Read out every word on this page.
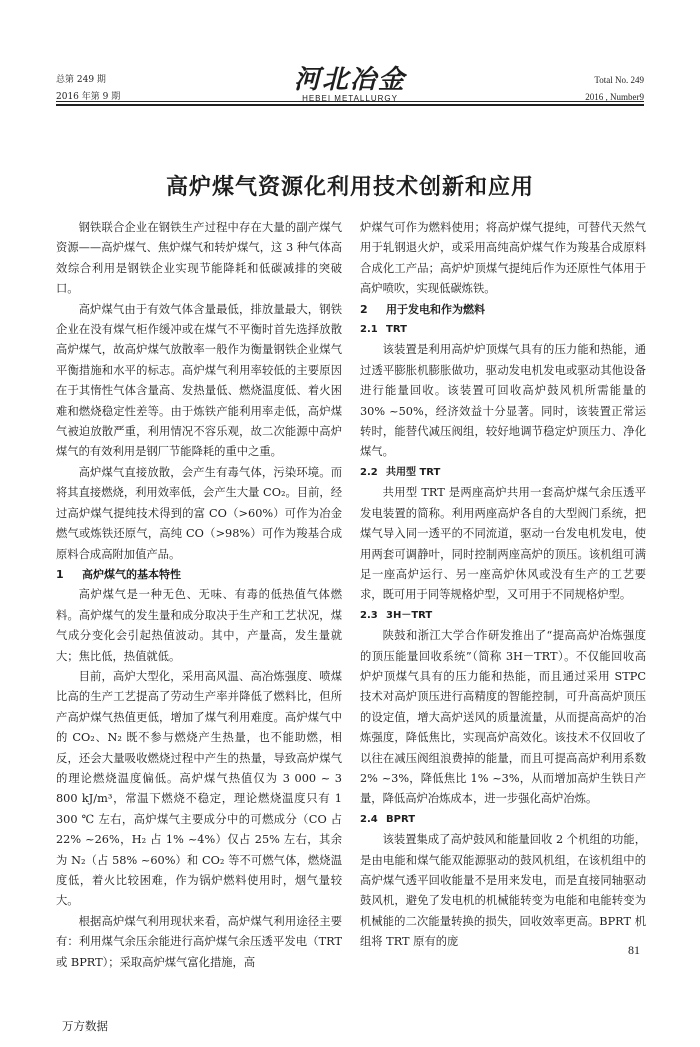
总第 249 期
2016 年第 9 期
河北冶金
HEBEI METALLURGY
Total No. 249
2016 , Number9
高炉煤气资源化利用技术创新和应用

钢铁联合企业在钢铁生产过程中存在大量的副产煤气资源——高炉煤气、焦炉煤气和转炉煤气，这 3 种气体高效综合利用是钢铁企业实现节能降耗和低碳减排的突破口。

高炉煤气由于有效气体含量最低，排放量最大，钢铁企业在没有煤气柜作缓冲或在煤气不平衡时首先选择放散高炉煤气，故高炉煤气放散率一般作为衡量钢铁企业煤气平衡措施和水平的标志。高炉煤气利用率较低的主要原因在于其惰性气体含量高、发热量低、燃烧温度低、着火困难和燃烧稳定性差等。由于炼铁产能利用率走低，高炉煤气被迫放散严重，利用情况不容乐观，故二次能源中高炉煤气的有效利用是钢厂节能降耗的重中之重。

高炉煤气直接放散，会产生有毒气体，污染环境。而将其直接燃烧，利用效率低，会产生大量 CO₂。目前，经过高炉煤气提纯技术得到的富 CO（>60%）可作为冶金燃气或炼铁还原气，高纯 CO（>98%）可作为羧基合成原料合成高附加值产品。

1 高炉煤气的基本特性

高炉煤气是一种无色、无味、有毒的低热值气体燃料。高炉煤气的发生量和成分取决于生产和工艺状况，煤气成分变化会引起热值波动。其中，产量高，发生量就大；焦比低，热值就低。

目前，高炉大型化，采用高风温、高冶炼强度、喷煤比高的生产工艺提高了劳动生产率并降低了燃料比，但所产高炉煤气热值更低，增加了煤气利用难度。高炉煤气中的 CO₂、N₂ 既不参与燃烧产生热量，也不能助燃，相反，还会大量吸收燃烧过程中产生的热量，导致高炉煤气的理论燃烧温度偏低。高炉煤气热值仅为 3 000 ~ 3 800 kJ/m³，常温下燃烧不稳定，理论燃烧温度只有 1 300 ℃ 左右，高炉煤气主要成分中的可燃成分（CO 占 22% ~26%，H₂ 占 1% ~4%）仅占 25% 左右，其余为 N₂（占 58% ~60%）和 CO₂ 等不可燃气体，燃烧温度低，着火比较困难，作为锅炉燃料使用时，烟气量较大。

根据高炉煤气利用现状来看，高炉煤气利用途径主要有：利用煤气余压余能进行高炉煤气余压透平发电（TRT 或 BPRT）；采取高炉煤气富化措施，高

炉煤气可作为燃料使用；将高炉煤气提纯，可替代天然气用于轧钢退火炉，或采用高纯高炉煤气作为羧基合成原料合成化工产品；高炉炉顶煤气提纯后作为还原性气体用于高炉喷吹，实现低碳炼铁。

2 用于发电和作为燃料
2.1 TRT

该装置是利用高炉炉顶煤气具有的压力能和热能，通过透平膨胀机膨胀做功，驱动发电机发电或驱动其他设备进行能量回收。该装置可回收高炉鼓风机所需能量的 30% ~50%，经济效益十分显著。同时，该装置正常运转时，能替代减压阀组，较好地调节稳定炉顶压力、净化煤气。

2.2 共用型 TRT

共用型 TRT 是两座高炉共用一套高炉煤气余压透平发电装置的简称。利用两座高炉各自的大型阀门系统，把煤气导入同一透平的不同流道，驱动一台发电机发电，使用两套可调静叶，同时控制两座高炉的顶压。该机组可满足一座高炉运行、另一座高炉休风或没有生产的工艺要求，既可用于同等规格炉型，又可用于不同规格炉型。

2.3 3H－TRT

陕鼓和浙江大学合作研发推出了“提高高炉冶炼强度的顶压能量回收系统”（简称 3H－TRT）。不仅能回收高炉炉顶煤气具有的压力能和热能，而且通过采用 STPC 技术对高炉顶压进行高精度的智能控制，可升高高炉顶压的设定值，增大高炉送风的质量流量，从而提高高炉的冶炼强度，降低焦比，实现高炉高效化。该技术不仅回收了以往在减压阀组浪费掉的能量，而且可提高高炉利用系数 2% ~3%，降低焦比 1% ~3%，从而增加高炉生铁日产量，降低高炉冶炼成本，进一步强化高炉冶炼。

2.4 BPRT

该装置集成了高炉鼓风和能量回收 2 个机组的功能，是由电能和煤气能双能源驱动的鼓风机组，在该机组中的高炉煤气透平回收能量不是用来发电，而是直接同轴驱动鼓风机，避免了发电机的机械能转变为电能和电能转变为机械能的二次能量转换的损失，回收效率更高。BPRT 机组将 TRT 原有的庞

81
万方数据
